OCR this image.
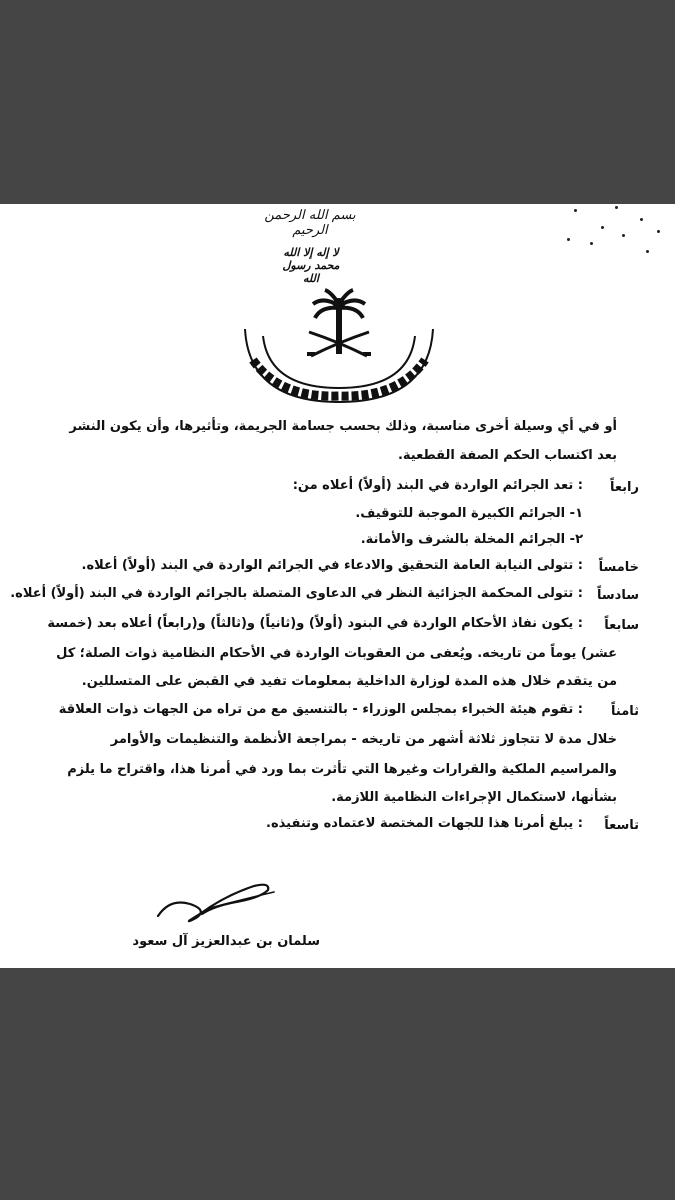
بسم الله الرحمن الرحيم
لا إله إلا الله محمد رسول الله
أو في أي وسيلة أخرى مناسبة، وذلك بحسب جسامة الجريمة، وتأثيرها، وأن يكون النشر
بعد اكتساب الحكم الصفة القطعية.
رابعاً
: تعد الجرائم الواردة في البند (أولاً) أعلاه من:
١- الجرائم الكبيرة الموجبة للتوقيف.
٢- الجرائم المخلة بالشرف والأمانة.
خامساً
: تتولى النيابة العامة التحقيق والادعاء في الجرائم الواردة في البند (أولاً) أعلاه.
سادساً
: تتولى المحكمة الجزائية النظر في الدعاوى المتصلة بالجرائم الواردة في البند (أولاً) أعلاه.
سابعاً
: يكون نفاذ الأحكام الواردة في البنود (أولاً) و(ثانياً) و(ثالثاً) و(رابعاً) أعلاه بعد (خمسة
عشر) يوماً من تاريخه. ويُعفى من العقوبات الواردة في الأحكام النظامية ذوات الصلة؛ كل
من يتقدم خلال هذه المدة لوزارة الداخلية بمعلومات تفيد في القبض على المتسللين.
ثامناً
: تقوم هيئة الخبراء بمجلس الوزراء - بالتنسيق مع من تراه من الجهات ذوات العلاقة
خلال مدة لا تتجاوز ثلاثة أشهر من تاريخه - بمراجعة الأنظمة والتنظيمات والأوامر
والمراسيم الملكية والقرارات وغيرها التي تأثرت بما ورد في أمرنا هذا، واقتراح ما يلزم
بشأنها، لاستكمال الإجراءات النظامية اللازمة.
تاسعاً
: يبلغ أمرنا هذا للجهات المختصة لاعتماده وتنفيذه.
سلمان بن عبدالعزيز آل سعود
